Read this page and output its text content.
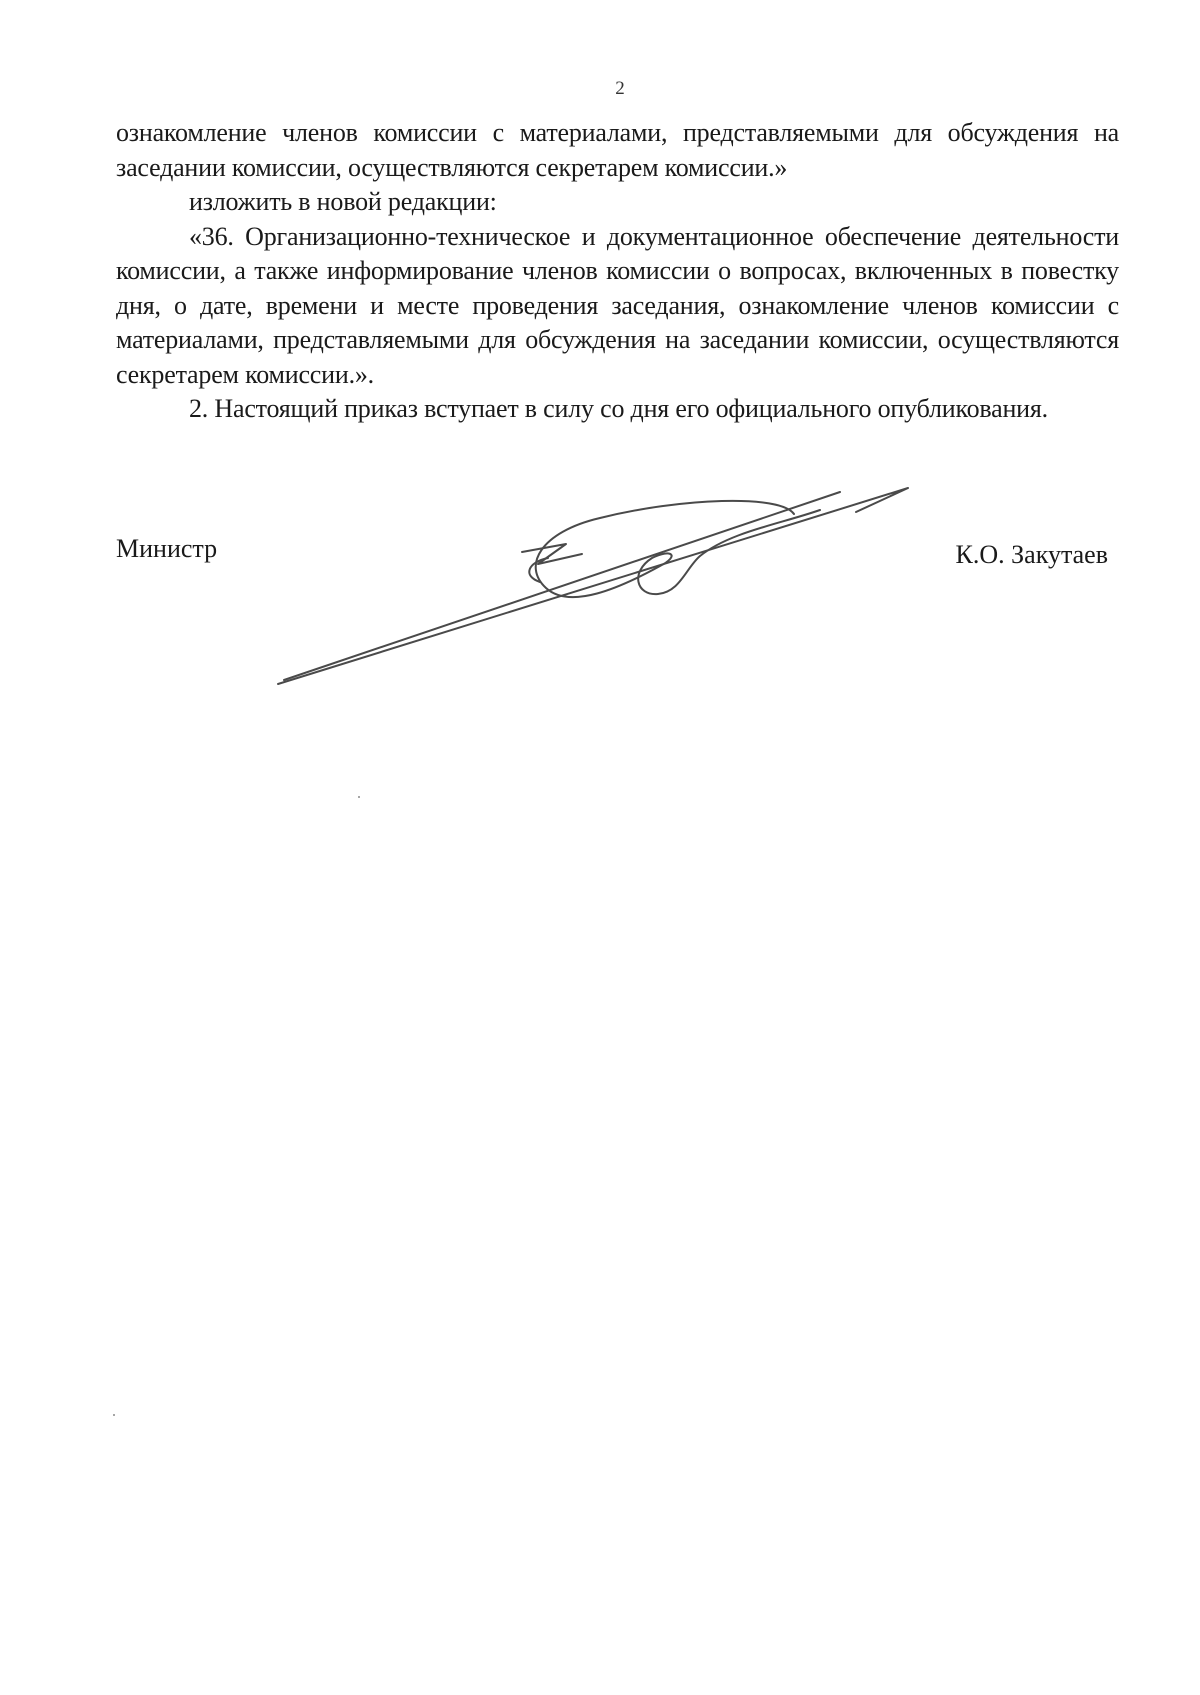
2

ознакомление членов комиссии с материалами, представляемыми для обсуждения на заседании комиссии, осуществляются секретарем комиссии.»

изложить в новой редакции:

«36. Организационно-техническое и документационное обеспечение деятельности комиссии, а также информирование членов комиссии о вопросах, включенных в повестку дня, о дате, времени и месте проведения заседания, ознакомление членов комиссии с материалами, представляемыми для обсуждения на заседании комиссии, осуществляются секретарем комиссии.».

2. Настоящий приказ вступает в силу со дня его официального опубликования.

Министр	К.О. Закутаев
